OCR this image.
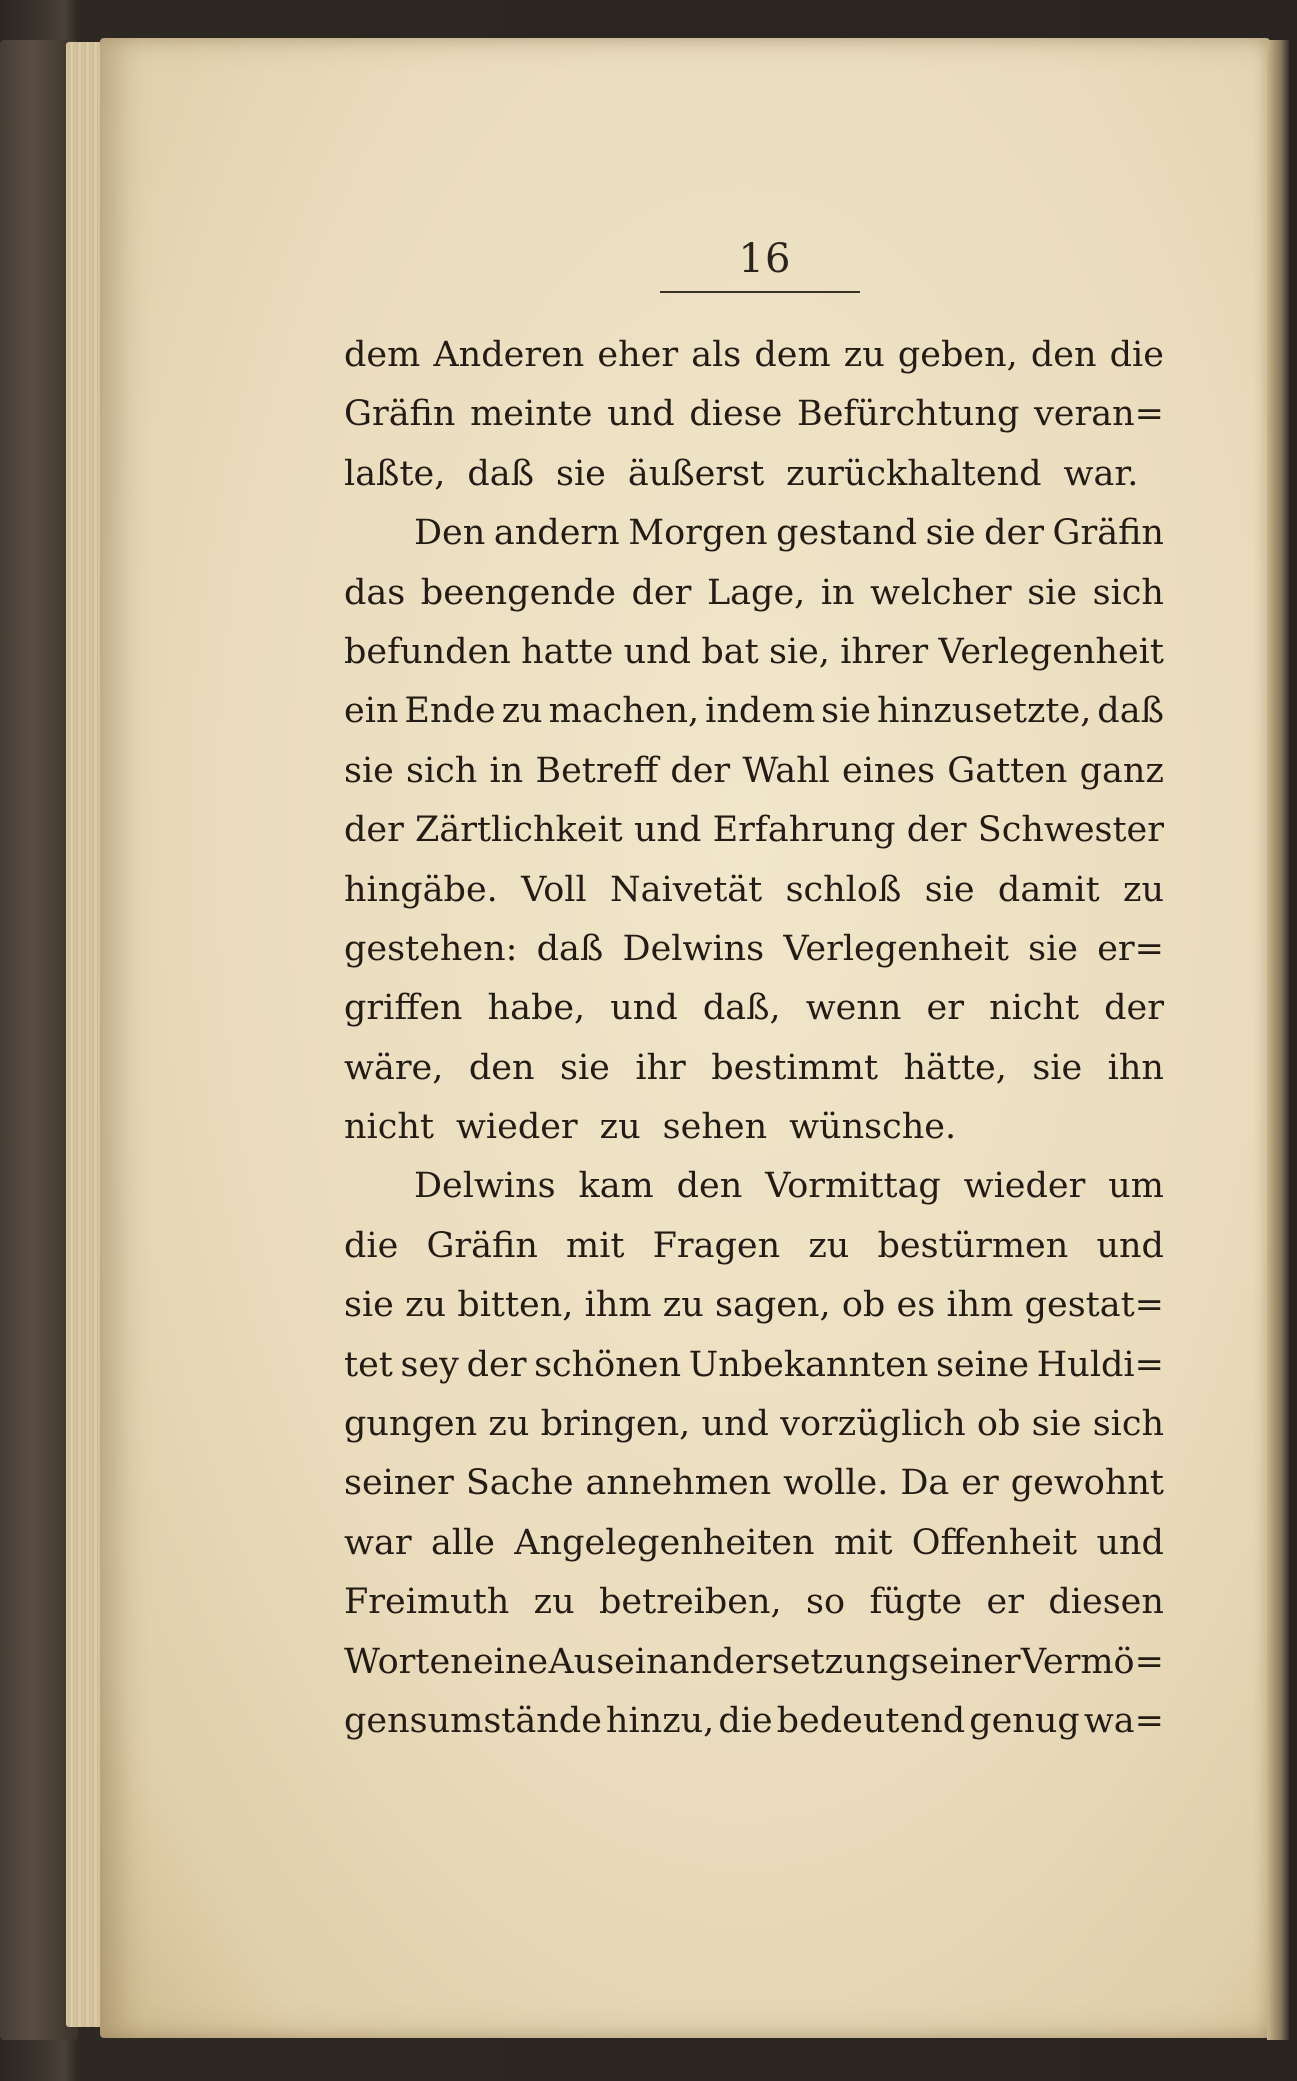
16
dem Anderen eher als dem zu geben, den die
Gräfin meinte und diese Befürchtung veran=
laßte, daß sie äußerst zurückhaltend war.
Den andern Morgen gestand sie der Gräfin
das beengende der Lage, in welcher sie sich
befunden hatte und bat sie, ihrer Verlegenheit
ein Ende zu machen, indem sie hinzusetzte, daß
sie sich in Betreff der Wahl eines Gatten ganz
der Zärtlichkeit und Erfahrung der Schwester
hingäbe. Voll Naivetät schloß sie damit zu
gestehen: daß Delwins Verlegenheit sie er=
griffen habe, und daß, wenn er nicht der
wäre, den sie ihr bestimmt hätte, sie ihn
nicht wieder zu sehen wünsche.
Delwins kam den Vormittag wieder um
die Gräfin mit Fragen zu bestürmen und
sie zu bitten, ihm zu sagen, ob es ihm gestat=
tet sey der schönen Unbekannten seine Huldi=
gungen zu bringen, und vorzüglich ob sie sich
seiner Sache annehmen wolle. Da er gewohnt
war alle Angelegenheiten mit Offenheit und
Freimuth zu betreiben, so fügte er diesen
Worten eine Auseinandersetzung seiner Vermö=
gensumstände hinzu, die bedeutend genug wa=
